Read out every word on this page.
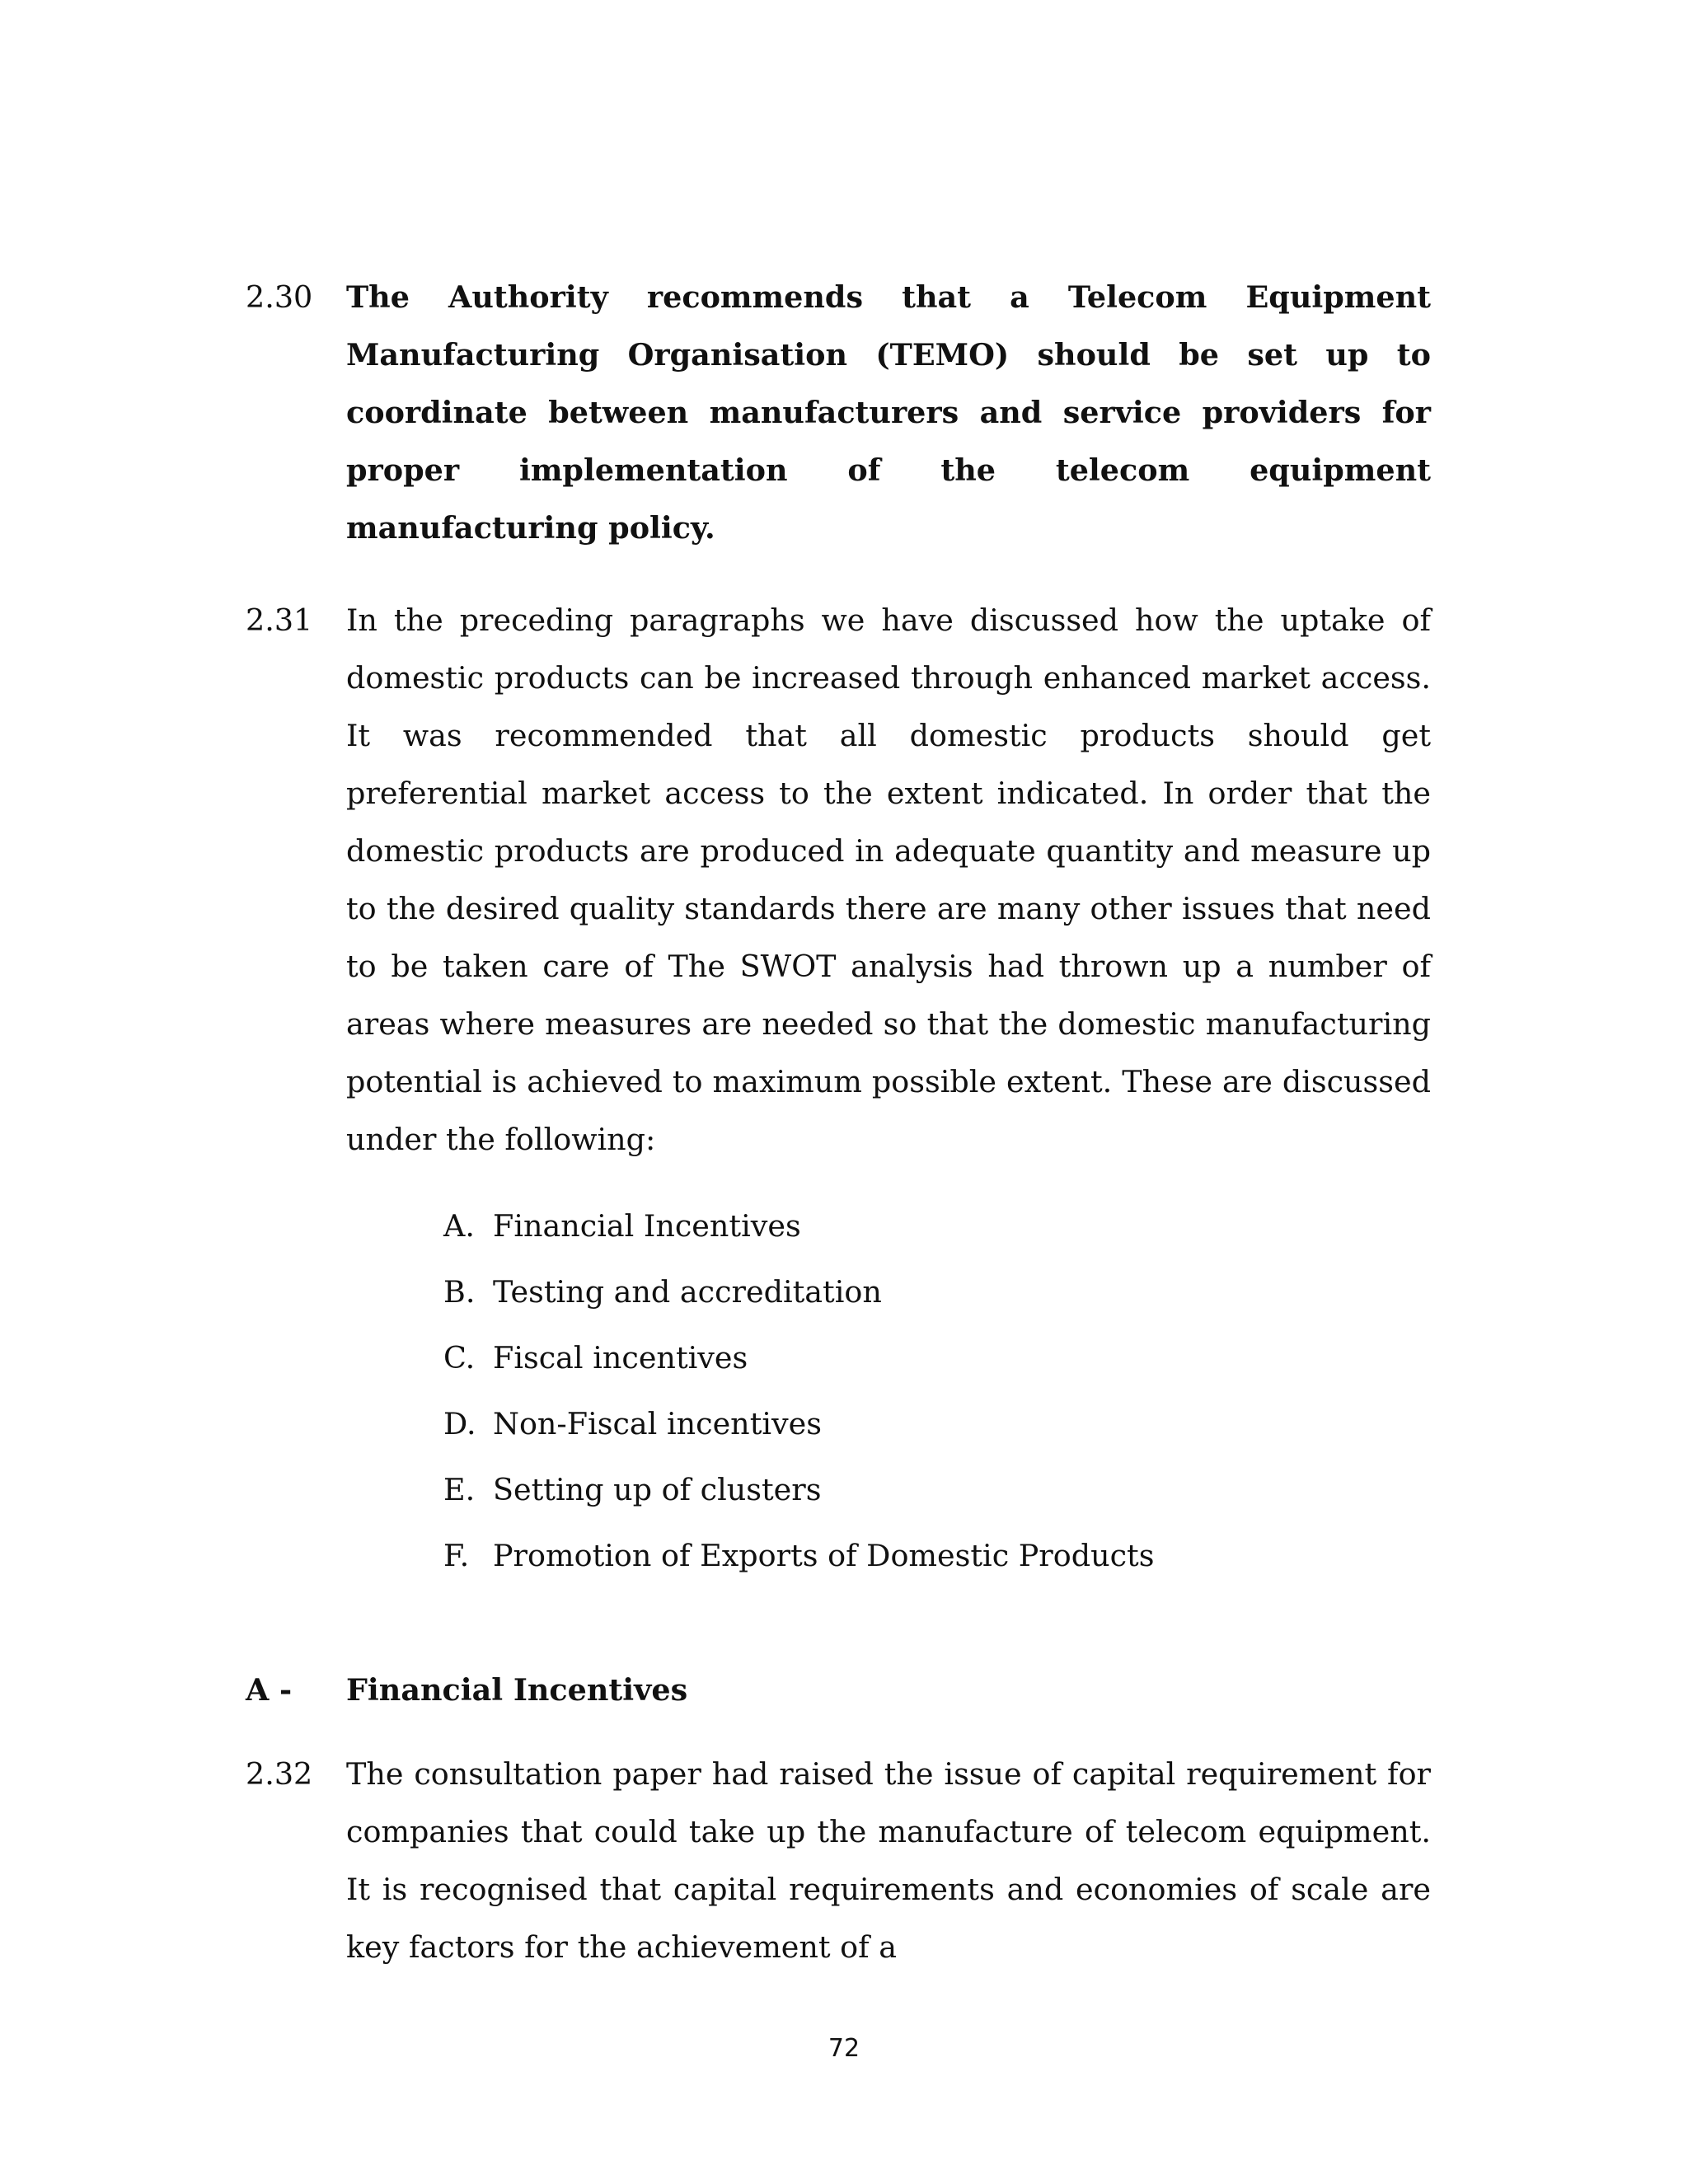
2.30 The Authority recommends that a Telecom Equipment Manufacturing Organisation (TEMO) should be set up to coordinate between manufacturers and service providers for proper implementation of the telecom equipment manufacturing policy.
2.31 In the preceding paragraphs we have discussed how the uptake of domestic products can be increased through enhanced market access. It was recommended that all domestic products should get preferential market access to the extent indicated. In order that the domestic products are produced in adequate quantity and measure up to the desired quality standards there are many other issues that need to be taken care of The SWOT analysis had thrown up a number of areas where measures are needed so that the domestic manufacturing potential is achieved to maximum possible extent. These are discussed under the following:
A. Financial Incentives
B. Testing and accreditation
C. Fiscal incentives
D. Non-Fiscal incentives
E. Setting up of clusters
F. Promotion of Exports of Domestic Products
A - Financial Incentives
2.32 The consultation paper had raised the issue of capital requirement for companies that could take up the manufacture of telecom equipment. It is recognised that capital requirements and economies of scale are key factors for the achievement of a
72
